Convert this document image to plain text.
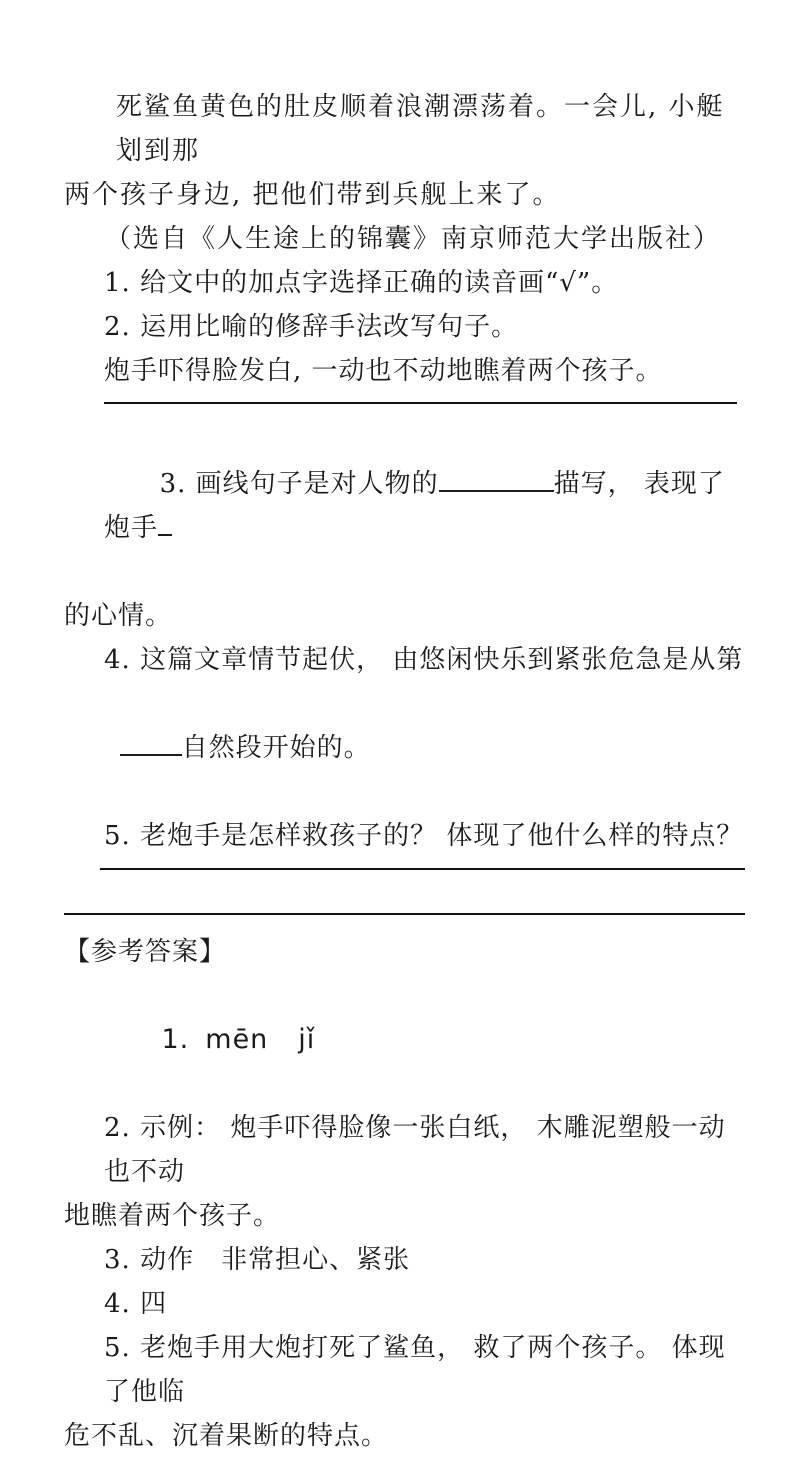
死鲨鱼黄色的肚皮顺着浪潮漂荡着。一会儿, 小艇划到那
两个孩子身边, 把他们带到兵舰上来了。
（选自《人生途上的锦囊》南京师范大学出版社）
1. 给文中的加点字选择正确的读音画“√”。
2. 运用比喻的修辞手法改写句子。
炮手吓得脸发白, 一动也不动地瞧着两个孩子。

3. 画线句子是对人物的	描写， 表现了炮手

的心情。
4. 这篇文章情节起伏， 由悠闲快乐到紧张危急是从第

自然段开始的。

5. 老炮手是怎样救孩子的？ 体现了他什么样的特点？
【参考答案】

1. mēn jǐ

2. 示例： 炮手吓得脸像一张白纸， 木雕泥塑般一动也不动
地瞧着两个孩子。
3. 动作　非常担心、紧张
4. 四
5. 老炮手用大炮打死了鲨鱼， 救了两个孩子。 体现了他临
危不乱、沉着果断的特点。
